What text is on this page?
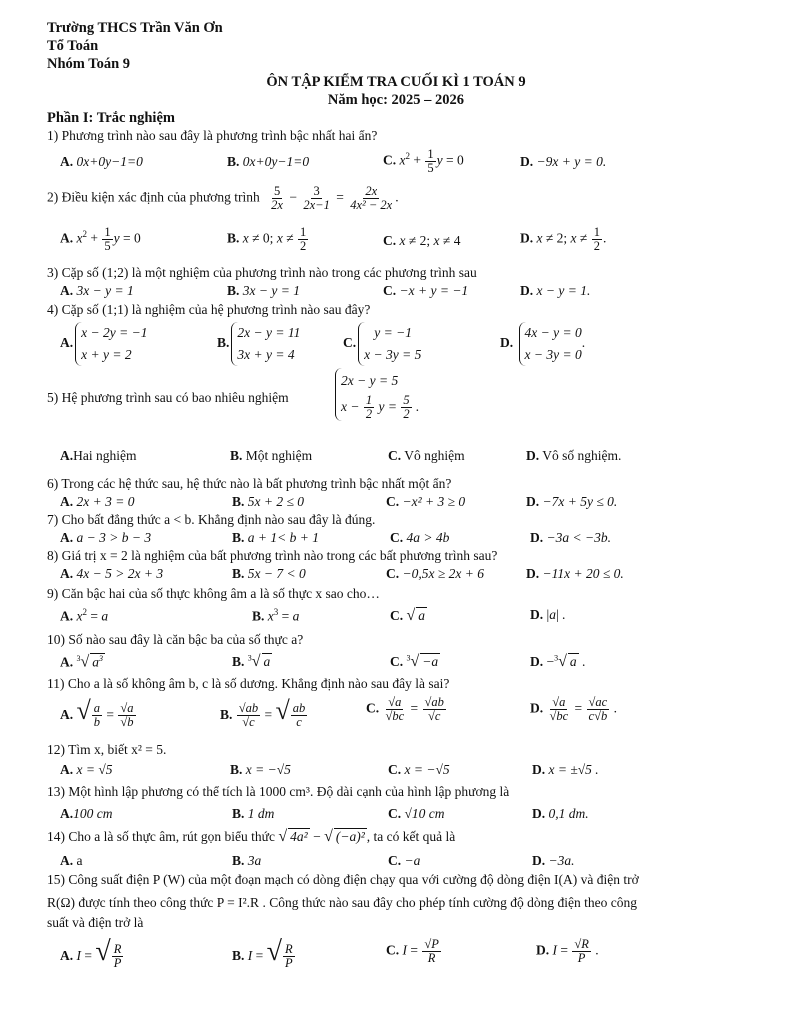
Trường THCS Trần Văn Ơn
Tổ Toán
Nhóm Toán 9
ÔN TẬP KIỂM TRA CUỐI KÌ 1 TOÁN 9
Năm học: 2025 – 2026
Phần I: Trắc nghiệm
1) Phương trình nào sau đây là phương trình bậc nhất hai ẩn?
A. 0x+0y−1=0	B. 0x+0y−1=0	C. $x^2 + \frac{1}{5}$ y = 0	D. −9x + y = 0.
2) Điều kiện xác định của phương trình $\frac{5}{2x} - \frac{3}{2x-1} = \frac{2x}{\text{4x² − 2x}}$ .
A. $x^2 + \frac{1}{5}$ y = 0	B. x ≠ 0; $x \ne \frac{1}{2}$	C. x ≠ 2; x ≠ 4	D. x ≠ 2; $x \ne \frac{1}{2}$ .
3) Cặp số (1;2) là một nghiệm của phương trình nào trong các phương trình sau
A. 3x − y = 1	B. 3x − y = 1	C. −x + y = −1	D. x − y = 1.
4) Cặp số (1;1) là nghiệm của hệ phương trình nào sau đây?
A.
x − 2y = −1
x + y = 2
B.
2x − y = 11
3x + y = 4
C.
y = −1
x − 3y = 5
D.
4x − y = 0
x − 3y = 0
.
5) Hệ phương trình sau có bao nhiêu nghiệm
2x − y = 5
$x - \frac{1}{2}$ $y = \frac{5}{2}$ .
A.Hai nghiệm	B. Một nghiệm	C. Vô nghiệm	D. Vô số nghiệm.
6) Trong các hệ thức sau, hệ thức nào là bất phương trình bậc nhất một ẩn?
A. 2x + 3 = 0	B. 5x + 2 ≤ 0	C. −x² + 3 ≥ 0	D. −7x + 5y ≤ 0.
7) Cho bất đẳng thức a < b. Khẳng định nào sau đây là đúng.
A. a − 3 > b − 3	B. a + 1< b + 1	C. 4a > 4b	D. −3a < −3b.
8) Giá trị x = 2 là nghiệm của bất phương trình nào trong các bất phương trình sau?
A. 4x − 5 > 2x + 3	B. 5x − 7 < 0	C. −0,5x ≥ 2x + 6	D. −11x + 20 ≤ 0.
9) Căn bậc hai của số thực không âm a là số thực x sao cho…
A. $x^2 = a$	B. $x^3 = a$	C. √ a	D. |a| .
10) Số nào sau đây là căn bậc ba của số thực a?
A. $^3$√ $a^3$	B. $^3$√ a	C. $^3$√ −a	D. −$^3$√ a .
11) Cho a là số không âm b, c là số dương. Khẳng định nào sau đây là sai?
A. √ $\frac{a}{b} = \frac{√a}{√b}$	B. $\frac{√ab}{√c}$ = √ $\frac{ab}{c}$	C. $\frac{√a}{√bc} = \frac{√ab}{√c}$	D. $\frac{√a}{√bc} = \frac{√ac}{c√b}$ .
12) Tìm x, biết x² = 5.
A. x = √5	B. x = −√5	C. x = −√5	D. x = ±√5 .
13) Một hình lập phương có thể tích là 1000 cm³. Độ dài cạnh của hình lập phương là
A.100 cm	B. 1 dm	C. √10 cm	D. 0,1 dm.
14) Cho a là số thực âm, rút gọn biểu thức √ 4a² − √ (−a)² , ta có kết quả là
A. a	B. 3a	C. −a	D. −3a.
15) Công suất điện P (W) của một đoạn mạch có dòng điện chạy qua với cường độ dòng điện I(A) và điện trở
R(Ω) được tính theo công thức P = I².R . Công thức nào sau đây cho phép tính cường độ dòng điện theo công
suất và điện trở là
A. I = √ $\frac{R}{P}$	B. I = √ $\frac{R}{P}$	C. $I = \frac{√P}{R}$	D. $I = \frac{√R}{P}$ .
